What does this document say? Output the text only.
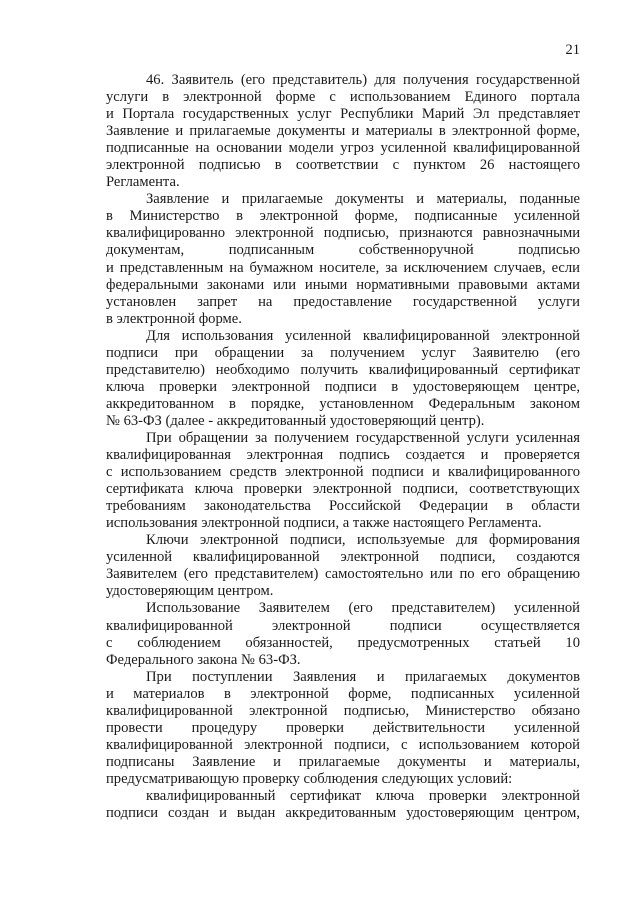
21

46. Заявитель (его представитель) для получения государственной
услуги в электронной форме с использованием Единого портала
и Портала государственных услуг Республики Марий Эл представляет
Заявление и прилагаемые документы и материалы в электронной форме,
подписанные на основании модели угроз усиленной квалифицированной
электронной подписью в соответствии с пунктом 26 настоящего
Регламента.

Заявление и прилагаемые документы и материалы, поданные
в Министерство в электронной форме, подписанные усиленной
квалифицированно электронной подписью, признаются равнозначными
документам, подписанным собственноручной подписью
и представленным на бумажном носителе, за исключением случаев, если
федеральными законами или иными нормативными правовыми актами
установлен запрет на предоставление государственной услуги
в электронной форме.

Для использования усиленной квалифицированной электронной
подписи при обращении за получением услуг Заявителю (его
представителю) необходимо получить квалифицированный сертификат
ключа проверки электронной подписи в удостоверяющем центре,
аккредитованном в порядке, установленном Федеральным законом
№ 63-ФЗ (далее - аккредитованный удостоверяющий центр).

При обращении за получением государственной услуги усиленная
квалифицированная электронная подпись создается и проверяется
с использованием средств электронной подписи и квалифицированного
сертификата ключа проверки электронной подписи, соответствующих
требованиям законодательства Российской Федерации в области
использования электронной подписи, а также настоящего Регламента.

Ключи электронной подписи, используемые для формирования
усиленной квалифицированной электронной подписи, создаются
Заявителем (его представителем) самостоятельно или по его обращению
удостоверяющим центром.

Использование Заявителем (его представителем) усиленной
квалифицированной электронной подписи осуществляется
с соблюдением обязанностей, предусмотренных статьей 10
Федерального закона № 63-ФЗ.

При поступлении Заявления и прилагаемых документов
и материалов в электронной форме, подписанных усиленной
квалифицированной электронной подписью, Министерство обязано
провести процедуру проверки действительности усиленной
квалифицированной электронной подписи, с использованием которой
подписаны Заявление и прилагаемые документы и материалы,
предусматривающую проверку соблюдения следующих условий:

квалифицированный сертификат ключа проверки электронной
подписи создан и выдан аккредитованным удостоверяющим центром,
